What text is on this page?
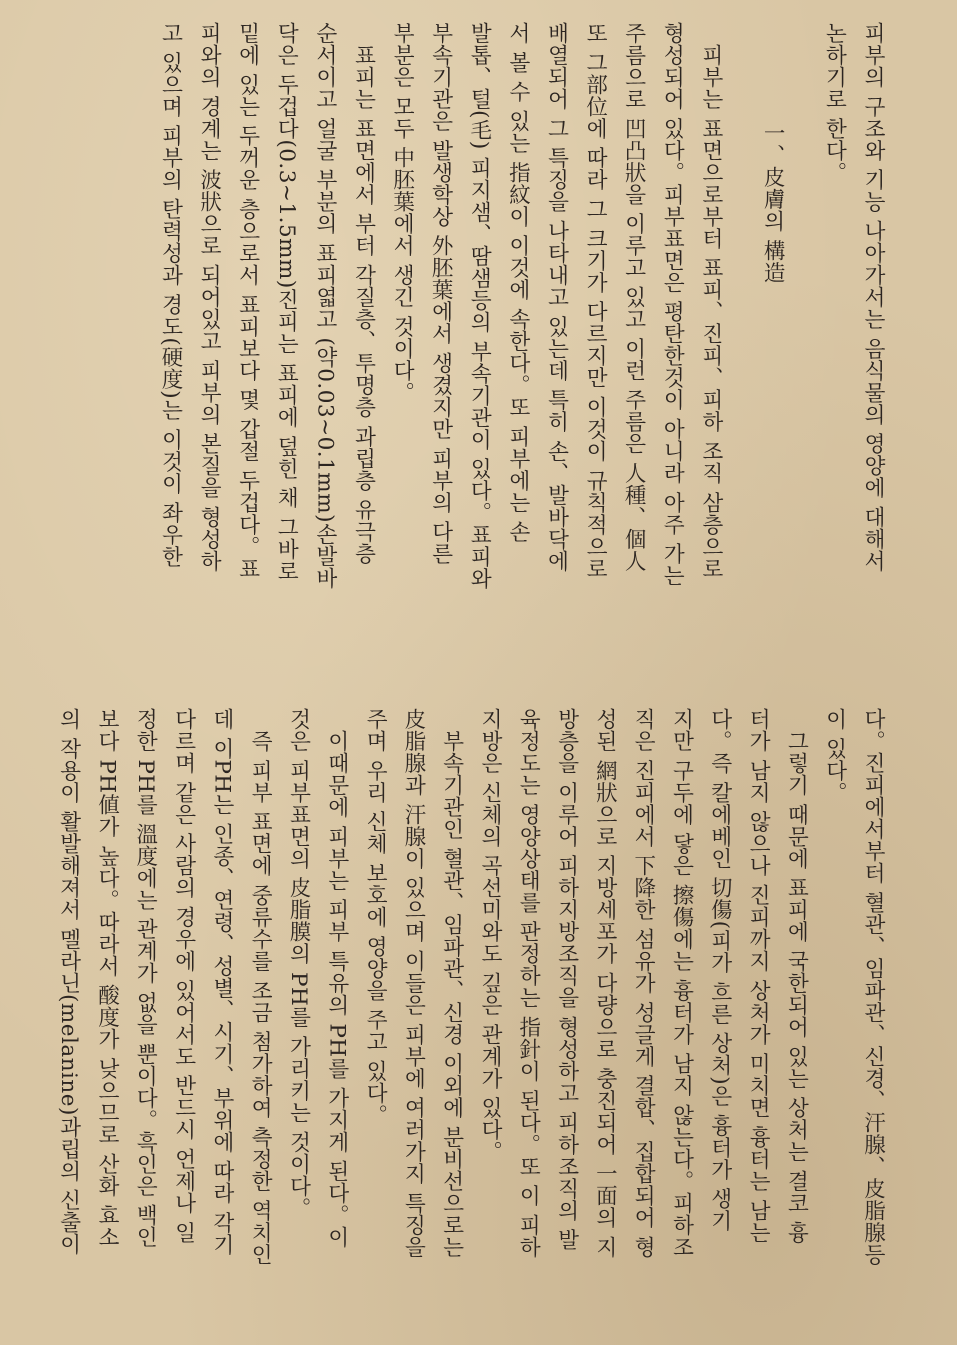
피부의 구조와 기능 나아가서는 음식물의 영양에 대해서
논하기로 한다。
一、皮膚의 構造
피부는 표면으로부터 표피、진피、피하 조직 삼층으로
형성되어 있다。피부표면은 평탄한것이 아니라 아주 가는
주름으로 凹凸狀을 이루고 있고 이런 주름은 人種、個人
또 그部位에 따라 그 크기가 다르지만 이것이 규칙적으로
배열되어 그 특징을 나타내고 있는데 특히 손、발바닥에
서 볼 수 있는 指紋이 이것에 속한다。또 피부에는 손
발톱、털(毛) 피지샘、땀샘등의 부속기관이 있다。표피와
부속기관은 발생학상 外胚葉에서 생겼지만 피부의 다른
부분은 모두 中胚葉에서 생긴 것이다。
표피는 표면에서 부터 각질층、투명층 과립층 유극층
순서이고 얼굴 부분의 표피엷고 (약0.03~0.1mm)손발바
닥은 두겁다(0.3~1.5mm)진피는 표피에 덮힌 채 그바로
밑에 있는 두꺼운 층으로서 표피보다 몇 갑절 두겁다。표
피와의 경계는 波狀으로 되어있고 피부의 본질을 형성하
고 있으며 피부의 탄력성과 경도(硬度)는 이것이 좌우한
다。진피에서부터 혈관、임파관、신경、汗腺、皮脂腺등
이 있다。
그렇기 때문에 표피에 국한되어 있는 상처는 결코 흉
터가 남지 않으나 진피까지 상처가 미치면 흉터는 남는
다。즉 칼에베인 切傷(피가 흐른 상처)은 흉터가 생기
지만 구두에 닿은 擦傷에는 흉터가 남지 않는다。피하조
직은 진피에서 下降한 섬유가 성글게 결합、집합되어 형
성된 網狀으로 지방세포가 다량으로 충진되어 一面의 지
방층을 이루어 피하지방조직을 형성하고 피하조직의 발
육정도는 영양상태를 판정하는 指針이 된다。또 이 피하
지방은 신체의 곡선미와도 깊은 관계가 있다。
부속기관인 혈관、임파관、신경 이외에 분비선으로는
皮脂腺과 汗腺이 있으며 이들은 피부에 여러가지 특징을
주며 우리 신체 보호에 영양을 주고 있다。
이때문에 피부는 피부 특유의 PH를 가지게 된다。이
것은 피부표면의 皮脂膜의 PH를 가리키는 것이다。
즉 피부 표면에 중류수를 조금 첨가하여 측정한 역치인
데 이PH는 인종、연령、성별、시기、부위에 따라 각기
다르며 같은 사람의 경우에 있어서도 반드시 언제나 일
정한 PH를 溫度에는 관계가 없을 뿐이다。흑인은 백인
보다 PH値가 높다。따라서 酸度가 낮으므로 산화 효소
의 작용이 활발해져서 멜라닌(melanine)과립의 신출이
